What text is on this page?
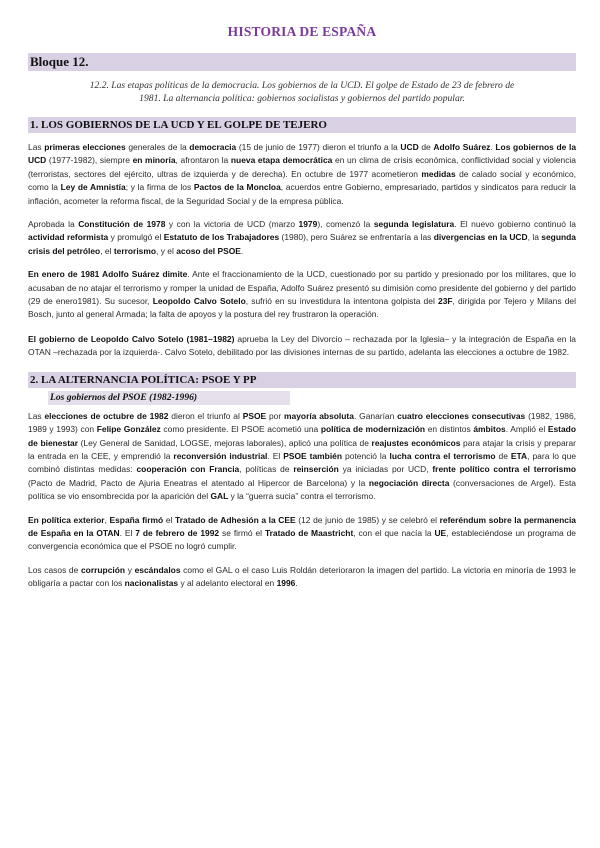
HISTORIA DE ESPAÑA
Bloque 12.

12.2. Las etapas políticas de la democracia. Los gobiernos de la UCD. El golpe de Estado de 23 de febrero de 1981. La alternancia política: gobiernos socialistas y gobiernos del partido popular.

1. LOS GOBIERNOS DE LA UCD Y EL GOLPE DE TEJERO

Las primeras elecciones generales de la democracia (15 de junio de 1977) dieron el triunfo a la UCD de Adolfo Suárez. Los gobiernos de la UCD (1977-1982), siempre en minoría, afrontaron la nueva etapa democrática en un clima de crisis económica, conflictividad social y violencia (terroristas, sectores del ejército, ultras de izquierda y de derecha). En octubre de 1977 acometieron medidas de calado social y económico, como la Ley de Amnistía; y la firma de los Pactos de la Moncloa, acuerdos entre Gobierno, empresariado, partidos y sindicatos para reducir la inflación, acometer la reforma fiscal, de la Seguridad Social y de la empresa pública.

Aprobada la Constitución de 1978 y con la victoria de UCD (marzo 1979), comenzó la segunda legislatura. El nuevo gobierno continuó la actividad reformista y promulgó el Estatuto de los Trabajadores (1980), pero Suárez se enfrentaría a las divergencias en la UCD, la segunda crisis del petróleo, el terrorismo, y el acoso del PSOE.

En enero de 1981 Adolfo Suárez dimite. Ante el fraccionamiento de la UCD, cuestionado por su partido y presionado por los militares, que lo acusaban de no atajar el terrorismo y romper la unidad de España, Adolfo Suárez presentó su dimisión como presidente del gobierno y del partido (29 de enero1981). Su sucesor, Leopoldo Calvo Sotelo, sufrió en su investidura la intentona golpista del 23F, dirigida por Tejero y Milans del Bosch, junto al general Armada; la falta de apoyos y la postura del rey frustraron la operación.

El gobierno de Leopoldo Calvo Sotelo (1981–1982) aprueba la Ley del Divorcio – rechazada por la Iglesia– y la integración de España en la OTAN –rechazada por la izquierda-. Calvo Sotelo, debilitado por las divisiones internas de su partido, adelanta las elecciones a octubre de 1982.

2. LA ALTERNANCIA POLÍTICA: PSOE Y PP
Los gobiernos del PSOE (1982-1996)

Las elecciones de octubre de 1982 dieron el triunfo al PSOE por mayoría absoluta. Ganarían cuatro elecciones consecutivas (1982, 1986, 1989 y 1993) con Felipe González como presidente. El PSOE acometió una política de modernización en distintos ámbitos. Amplió el Estado de bienestar (Ley General de Sanidad, LOGSE, mejoras laborales), aplicó una política de reajustes económicos para atajar la crisis y preparar la entrada en la CEE, y emprendió la reconversión industrial. El PSOE también potenció la lucha contra el terrorismo de ETA, para lo que combinó distintas medidas: cooperación con Francia, políticas de reinserción ya iniciadas por UCD, frente político contra el terrorismo (Pacto de Madrid, Pacto de Ajuria Eneatras el atentado al Hipercor de Barcelona) y la negociación directa (conversaciones de Argel). Esta política se vio ensombrecida por la aparición del GAL y la “guerra sucia” contra el terrorismo.

En política exterior, España firmó el Tratado de Adhesión a la CEE (12 de junio de 1985) y se celebró el referéndum sobre la permanencia de España en la OTAN. El 7 de febrero de 1992 se firmó el Tratado de Maastricht, con el que nacía la UE, estableciéndose un programa de convergencia económica que el PSOE no logró cumplir.

Los casos de corrupción y escándalos como el GAL o el caso Luis Roldán deterioraron la imagen del partido. La victoria en minoría de 1993 le obligaría a pactar con los nacionalistas y al adelanto electoral en 1996.
